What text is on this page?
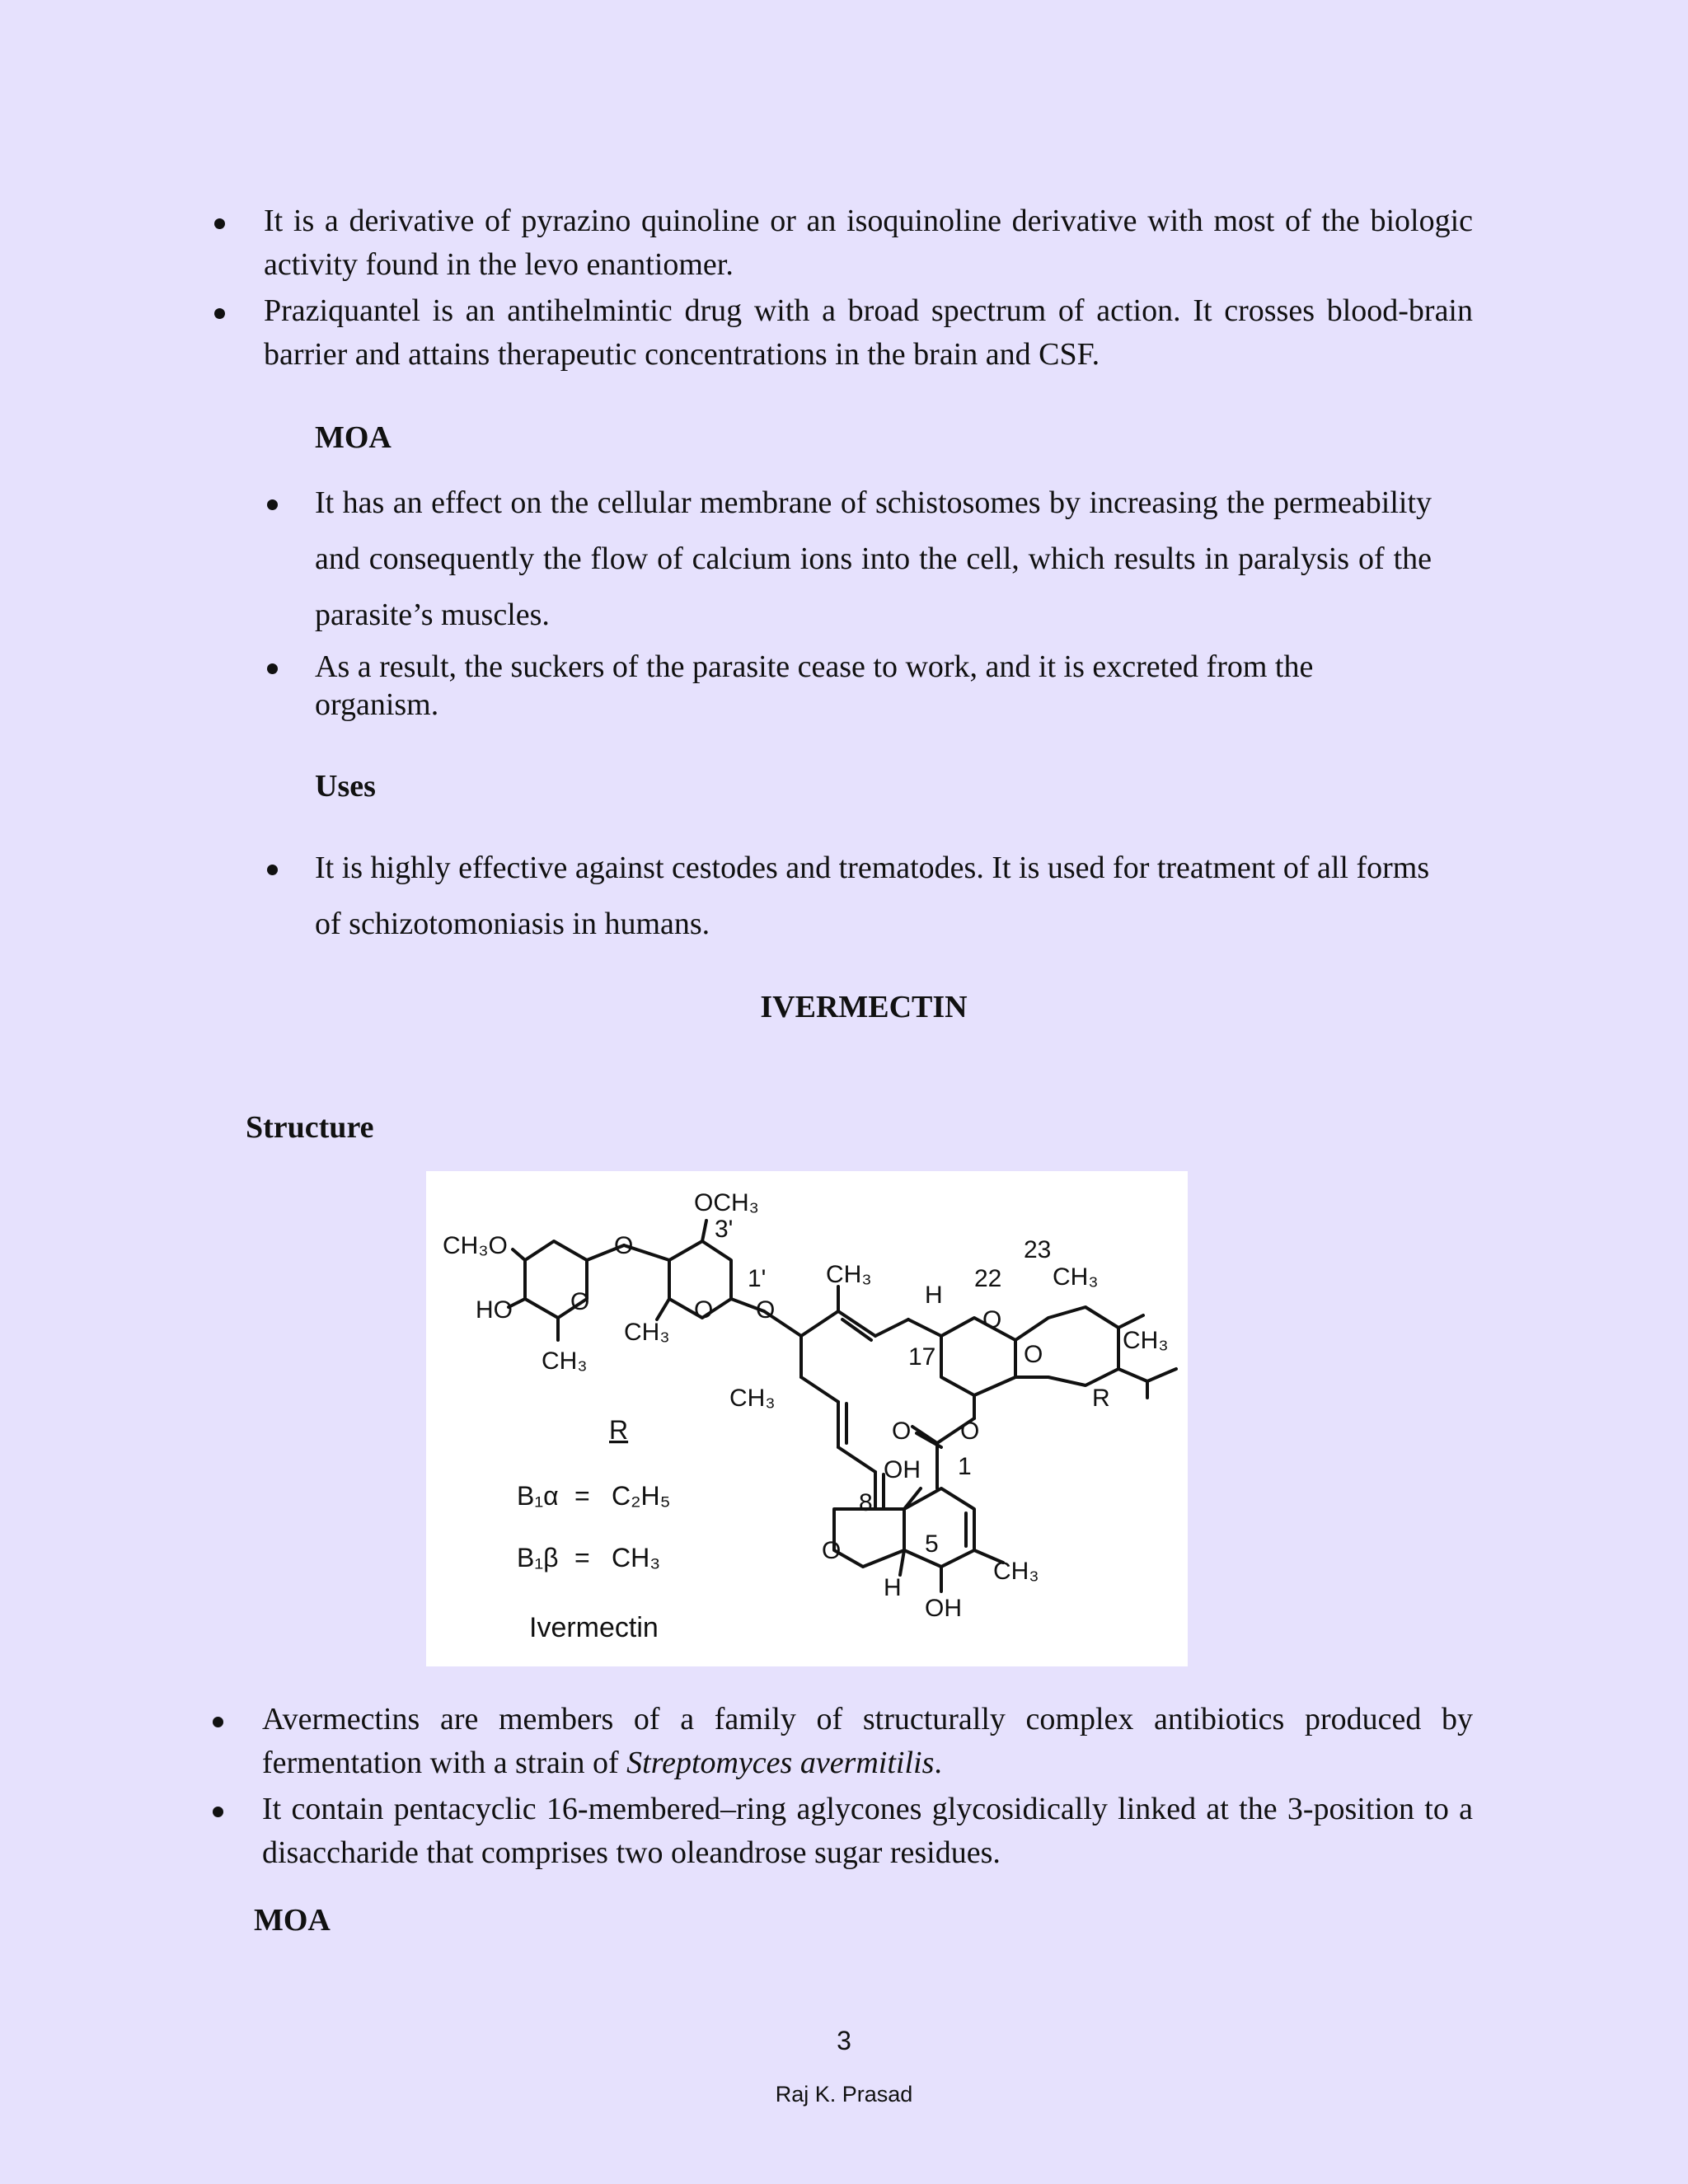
It is a derivative of pyrazino quinoline or an isoquinoline derivative with most of the biologic activity found in the levo enantiomer.

Praziquantel is an antihelmintic drug with a broad spectrum of action. It crosses blood-brain barrier and attains therapeutic concentrations in the brain and CSF.

MOA

It has an effect on the cellular membrane of schistosomes by increasing the permeability and consequently the flow of calcium ions into the cell, which results in paralysis of the parasite’s muscles.

As a result, the suckers of the parasite cease to work, and it is excreted from the organism.

Uses

It is highly effective against cestodes and trematodes. It is used for treatment of all forms of schizotomoniasis in humans.

IVERMECTIN
Structure
OCH₃
3'
CH₃O
HO O
CH₃
O
CH₃
O
1'
O
CH₃
H
22
23
O
CH₃
O
CH₃
R
17
CH₃
O O
OH 1
8
O	5
H
OH
CH₃
R
B₁α = C₂H₅
B₁β = CH₃
Ivermectin

Avermectins are members of a family of structurally complex antibiotics produced by fermentation with a strain of Streptomyces avermitilis.

It contain pentacyclic 16-membered–ring aglycones glycosidically linked at the 3-position to a disaccharide that comprises two oleandrose sugar residues.

MOA
3
Raj K. Prasad
